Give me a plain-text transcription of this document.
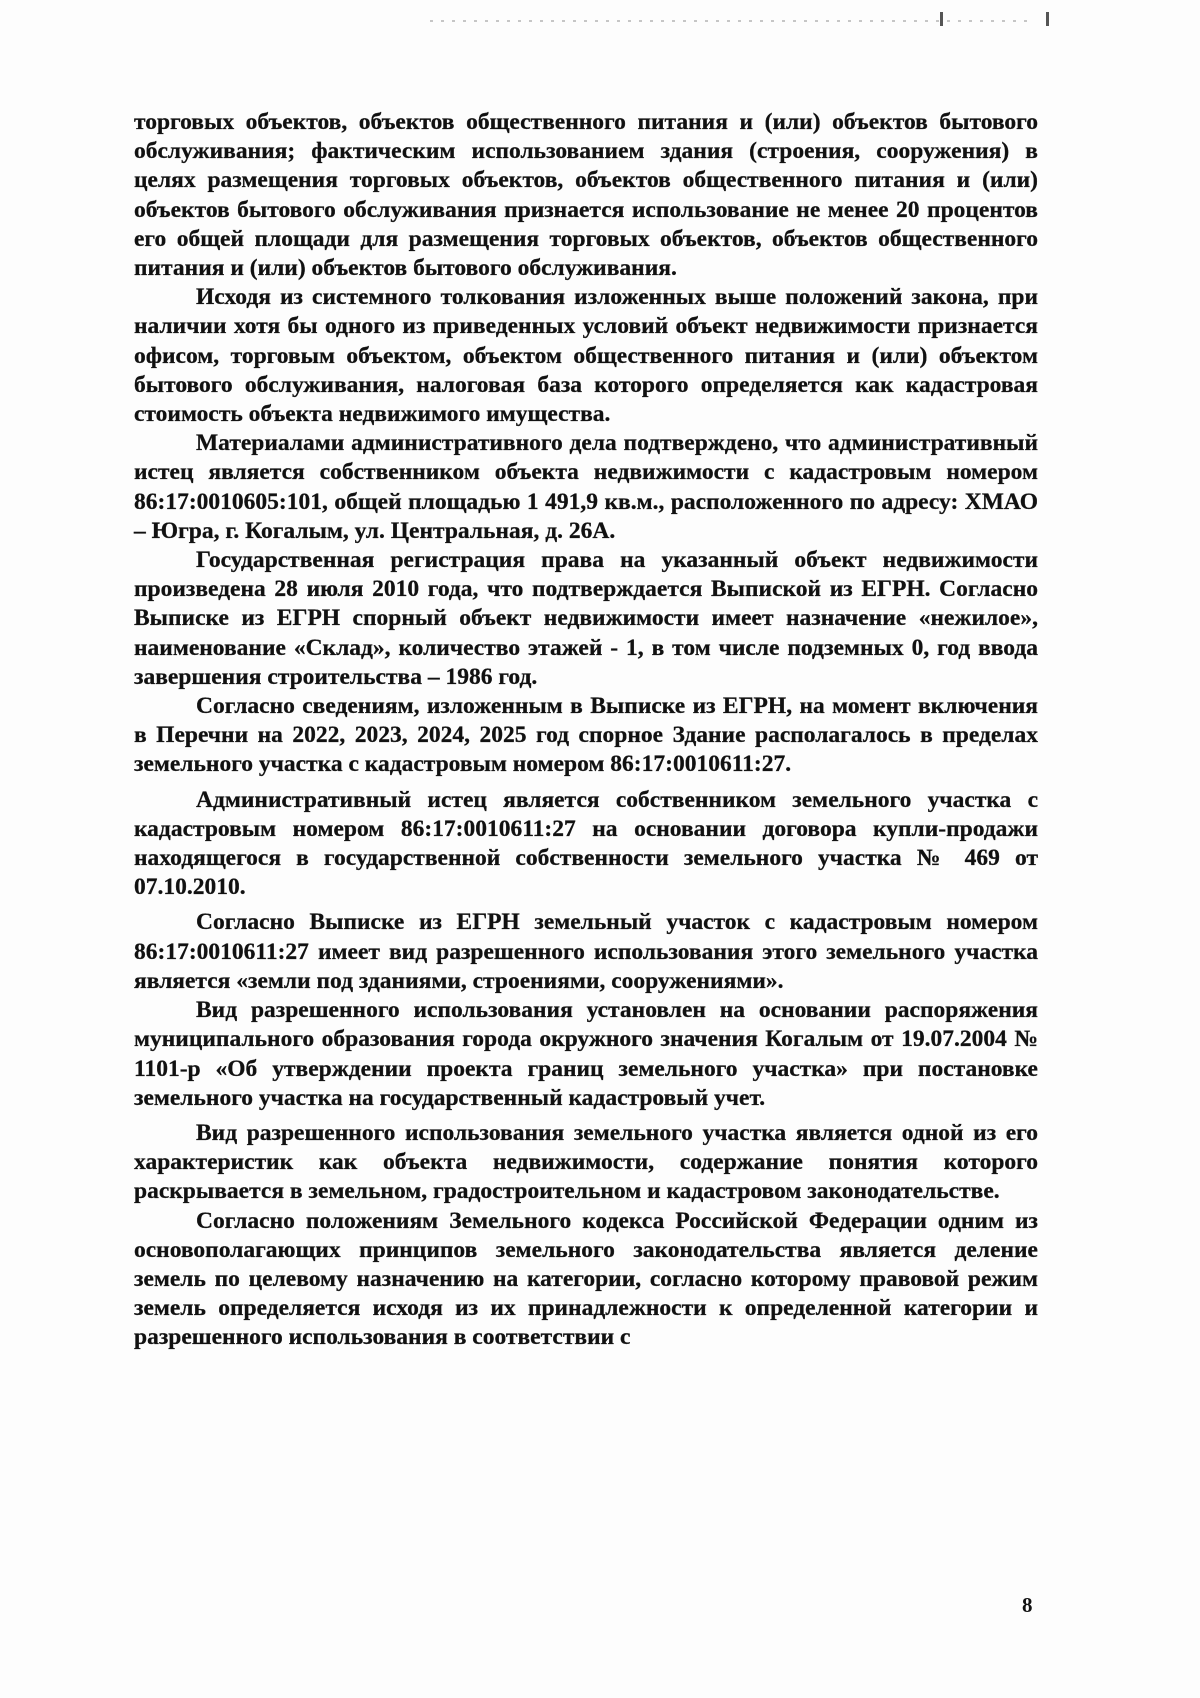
торговых объектов, объектов общественного питания и (или) объектов бытового обслуживания; фактическим использованием здания (строения, сооружения) в целях размещения торговых объектов, объектов общественного питания и (или) объектов бытового обслуживания признается использование не менее 20 процентов его общей площади для размещения торговых объектов, объектов общественного питания и (или) объектов бытового обслуживания.

Исходя из системного толкования изложенных выше положений закона, при наличии хотя бы одного из приведенных условий объект недвижимости признается офисом, торговым объектом, объектом общественного питания и (или) объектом бытового обслуживания, налоговая база которого определяется как кадастровая стоимость объекта недвижимого имущества.

Материалами административного дела подтверждено, что административный истец является собственником объекта недвижимости с кадастровым номером 86:17:0010605:101, общей площадью 1 491,9 кв.м., расположенного по адресу: ХМАО – Югра, г. Когалым, ул. Центральная, д. 26А.

Государственная регистрация права на указанный объект недвижимости произведена 28 июля 2010 года, что подтверждается Выпиской из ЕГРН. Согласно Выписке из ЕГРН спорный объект недвижимости имеет назначение «нежилое», наименование «Склад», количество этажей - 1, в том числе подземных 0, год ввода завершения строительства – 1986 год.

Согласно сведениям, изложенным в Выписке из ЕГРН, на момент включения в Перечни на 2022, 2023, 2024, 2025 год спорное Здание располагалось в пределах земельного участка с кадастровым номером 86:17:0010611:27.

Административный истец является собственником земельного участка с кадастровым номером 86:17:0010611:27 на основании договора купли-продажи находящегося в государственной собственности земельного участка № 469 от 07.10.2010.

Согласно Выписке из ЕГРН земельный участок с кадастровым номером 86:17:0010611:27 имеет вид разрешенного использования этого земельного участка является «земли под зданиями, строениями, сооружениями».

Вид разрешенного использования установлен на основании распоряжения муниципального образования города окружного значения Когалым от 19.07.2004 № 1101-р «Об утверждении проекта границ земельного участка» при постановке земельного участка на государственный кадастровый учет.

Вид разрешенного использования земельного участка является одной из его характеристик как объекта недвижимости, содержание понятия которого раскрывается в земельном, градостроительном и кадастровом законодательстве.

Согласно положениям Земельного кодекса Российской Федерации одним из основополагающих принципов земельного законодательства является деление земель по целевому назначению на категории, согласно которому правовой режим земель определяется исходя из их принадлежности к определенной категории и разрешенного использования в соответствии с

8
